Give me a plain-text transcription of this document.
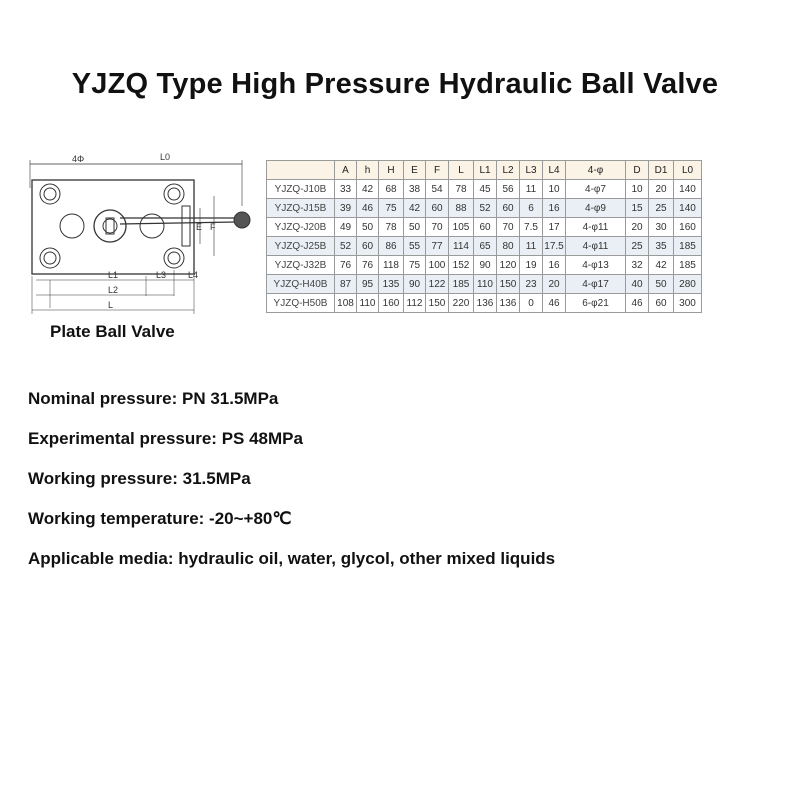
YJZQ Type High Pressure Hydraulic Ball Valve
4Φ	L0
L1
L2
L
L3 L4
E F
Plate Ball Valve
	A	h	H	E	F	L	L1	L2	L3	L4	4-φ	D	D1	L0
YJZQ-J10B	33	42	68	38	54	78	45	56	11	10	4-φ7	10	20	140
YJZQ-J15B	39	46	75	42	60	88	52	60	6	16	4-φ9	15	25	140
YJZQ-J20B	49	50	78	50	70	105	60	70	7.5	17	4-φ11	20	30	160
YJZQ-J25B	52	60	86	55	77	114	65	80	11	17.5	4-φ11	25	35	185
YJZQ-J32B	76	76	118	75	100	152	90	120	19	16	4-φ13	32	42	185
YJZQ-H40B	87	95	135	90	122	185	110	150	23	20	4-φ17	40	50	280
YJZQ-H50B	108	110	160	112	150	220	136	136	0	46	6-φ21	46	60	300
Nominal pressure: PN 31.5MPa
Experimental pressure: PS 48MPa
Working pressure: 31.5MPa
Working temperature: -20~+80℃
Applicable media: hydraulic oil, water, glycol, other mixed liquids
